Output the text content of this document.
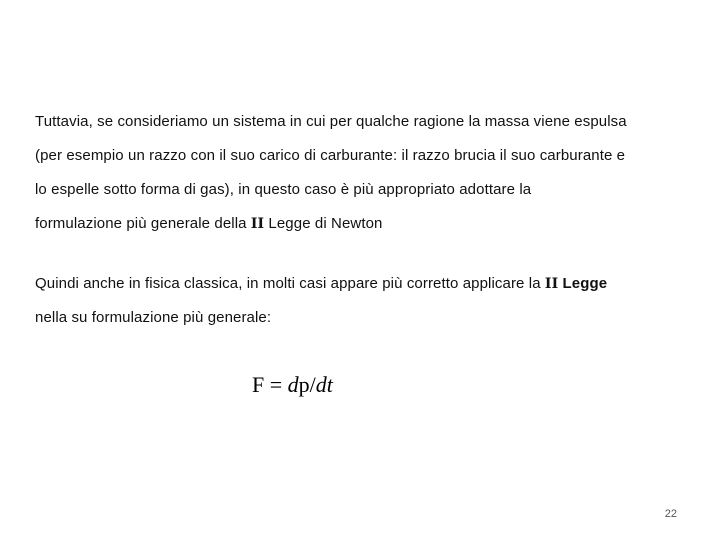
Tuttavia, se consideriamo un sistema in cui per qualche ragione la massa viene espulsa
(per esempio un razzo con il suo carico di carburante: il razzo brucia il suo carburante e
lo espelle sotto forma di gas), in questo caso è più appropriato adottare la
formulazione più generale della II Legge di Newton
Quindi anche in fisica classica, in molti casi appare più corretto applicare la II Legge
nella su formulazione più generale:
F = dp/dt
22
